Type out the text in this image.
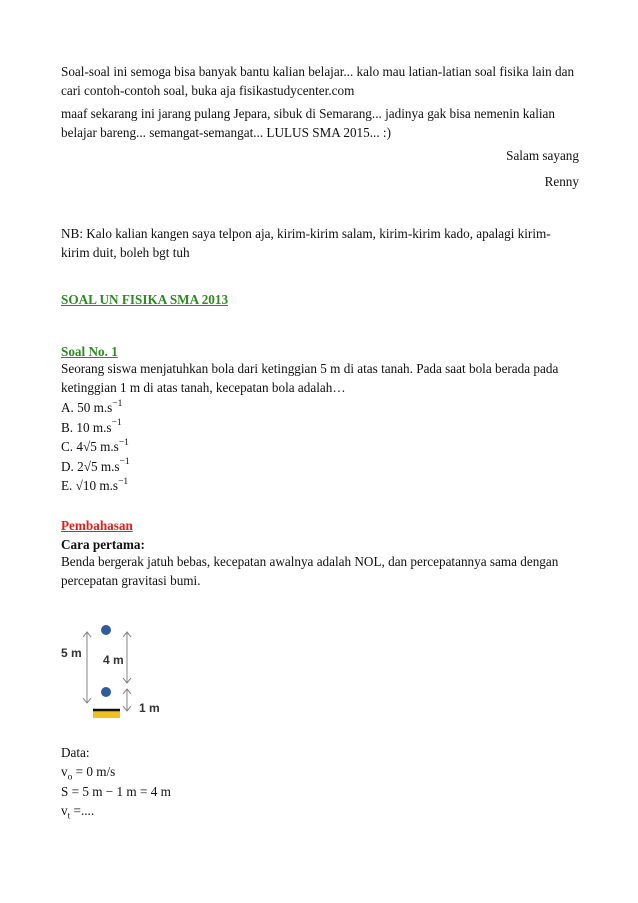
Soal-soal ini semoga bisa banyak bantu kalian belajar... kalo mau latian-latian soal fisika lain dan cari contoh-contoh soal, buka aja fisikastudycenter.com
maaf sekarang ini jarang pulang Jepara, sibuk di Semarang... jadinya gak bisa nemenin kalian belajar bareng... semangat-semangat... LULUS SMA 2015... :)
Salam sayang
Renny
NB: Kalo kalian kangen saya telpon aja, kirim-kirim salam, kirim-kirim kado, apalagi kirim-kirim duit, boleh bgt tuh
SOAL UN FISIKA SMA 2013
Soal No. 1
Seorang siswa menjatuhkan bola dari ketinggian 5 m di atas tanah. Pada saat bola berada pada ketinggian 1 m di atas tanah, kecepatan bola adalah…
A. 50 $m.s^{-1}$
B. 10 $m.s^{-1}$
C. 4√5 $m.s^{-1}$
D. 2√5 $m.s^{-1}$
E. √10 $m.s^{-1}$
Pembahasan
Cara pertama:
Benda bergerak jatuh bebas, kecepatan awalnya adalah NOL, dan percepatannya sama dengan percepatan gravitasi bumi.
5 m 4 m
1 m
Data:
$v_o = 0$ m/s
S = 5 m − 1 m = 4 m
$v_t$ =....
